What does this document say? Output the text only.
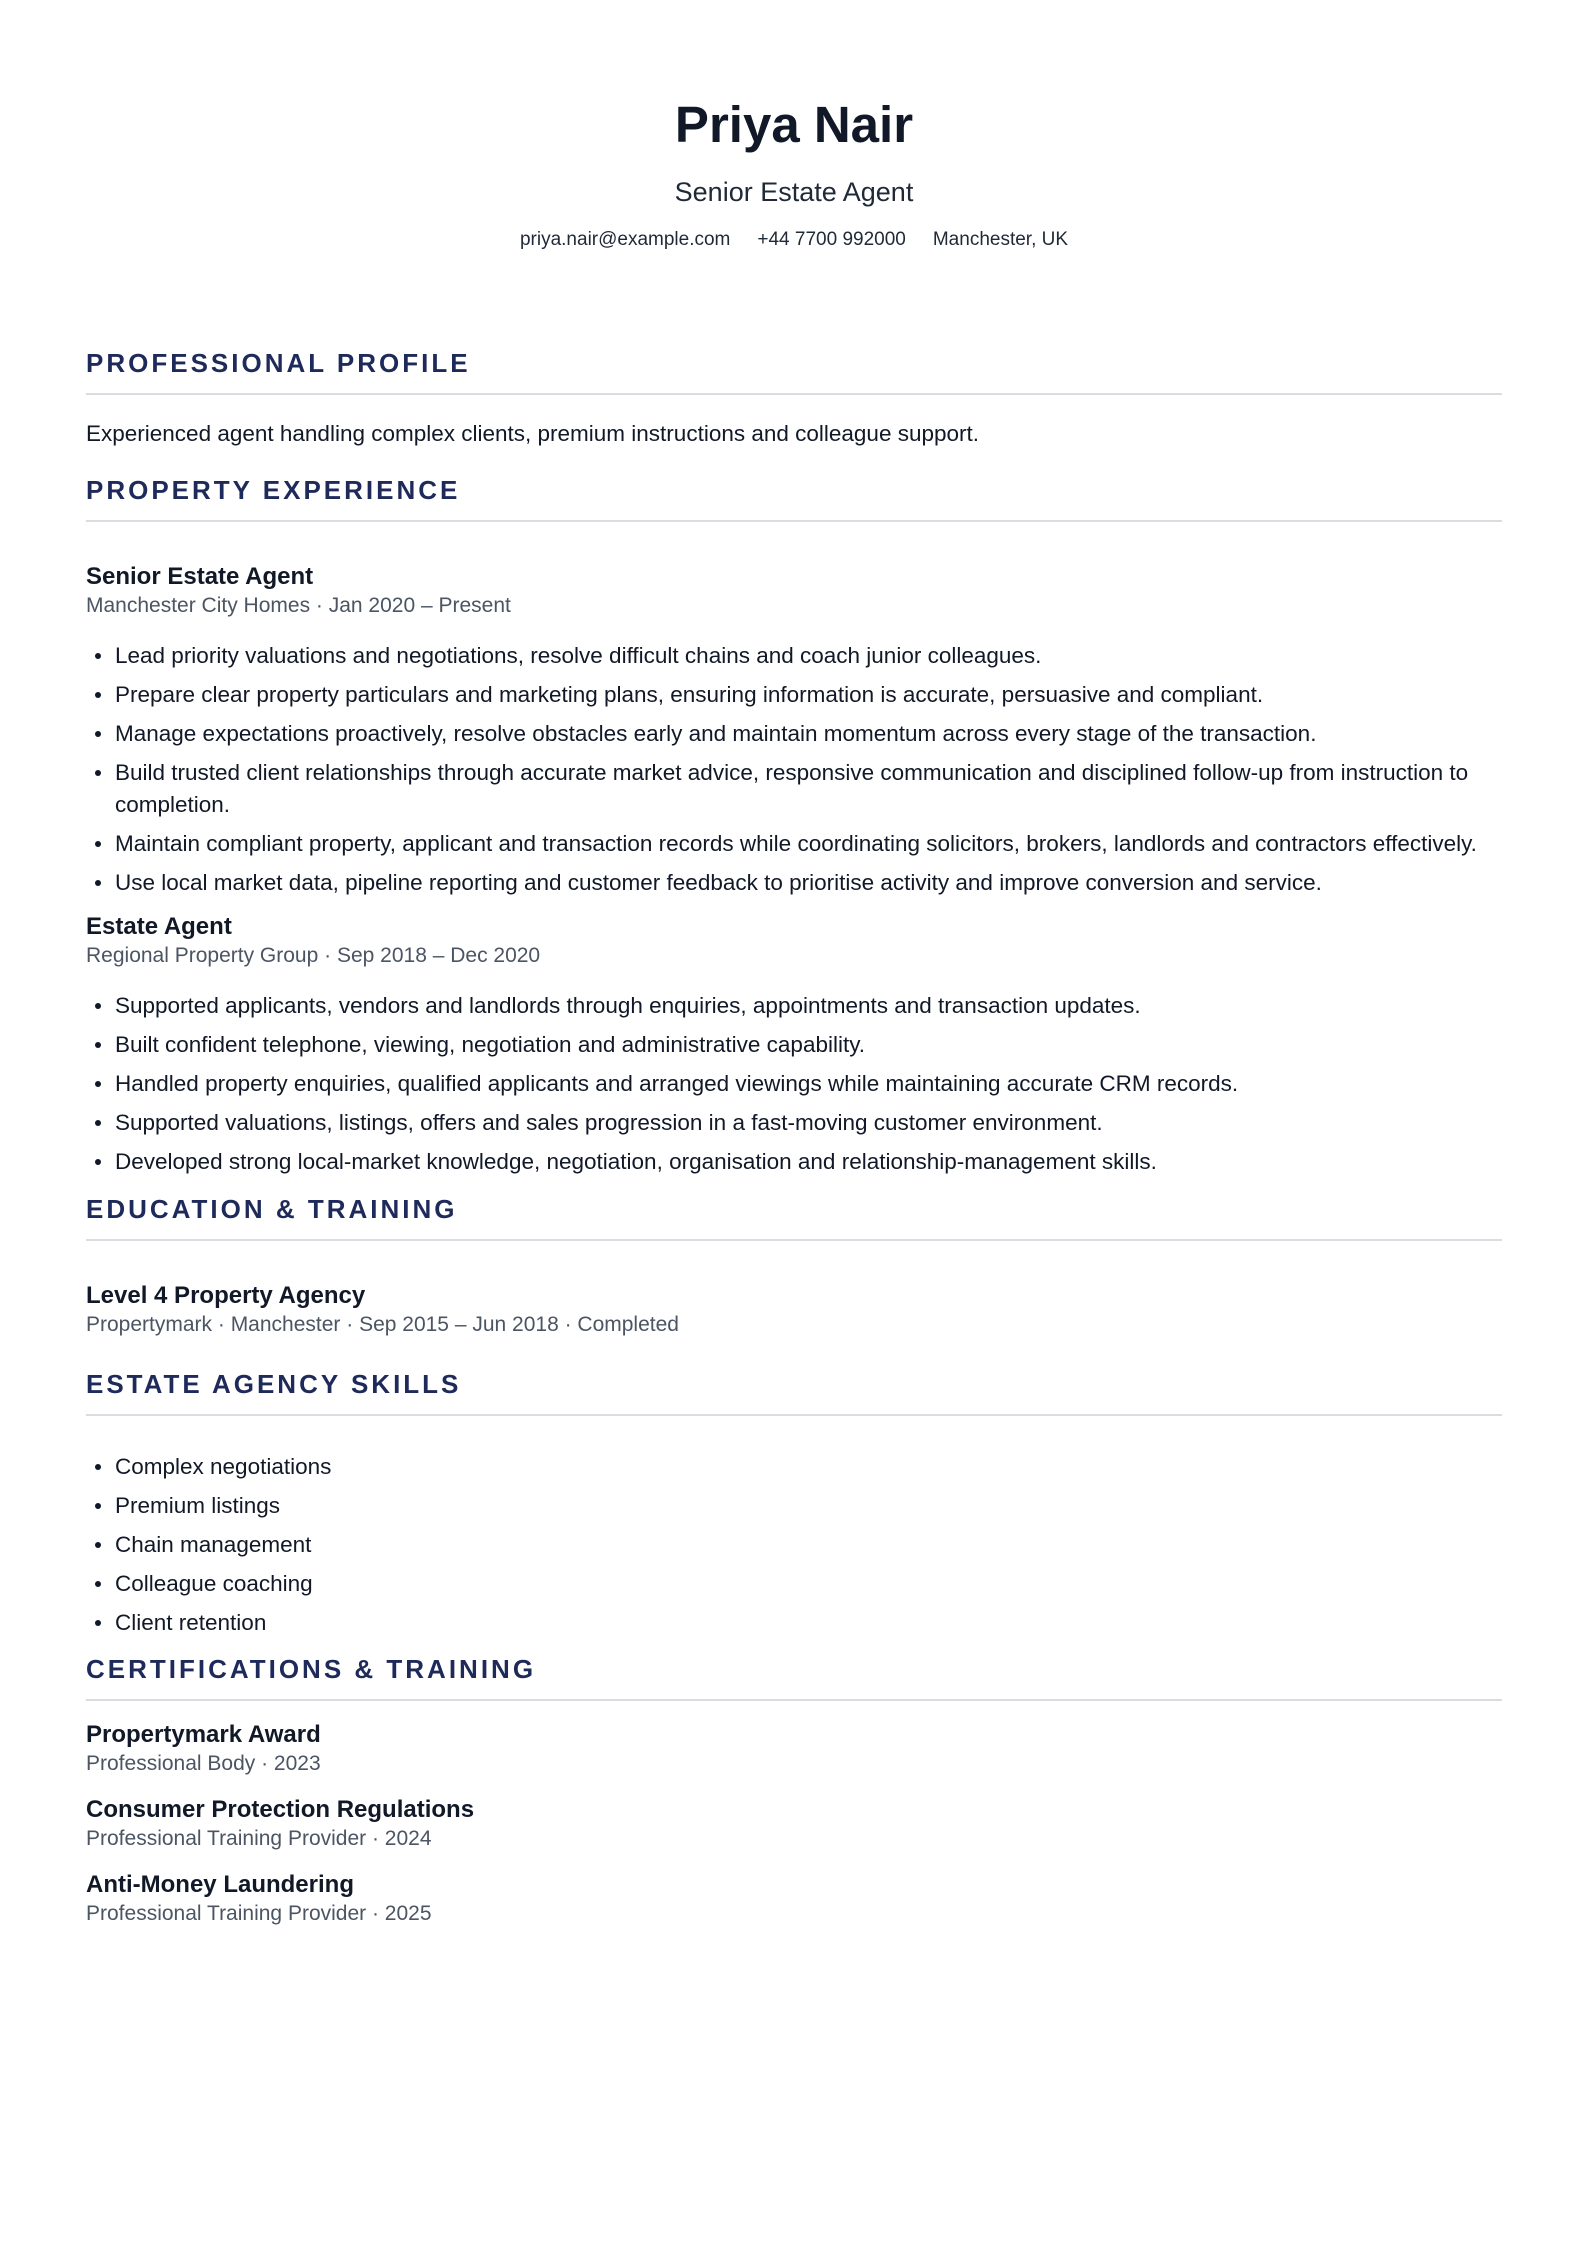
Priya Nair
Senior Estate Agent
priya.nair@example.com +44 7700 992000 Manchester, UK
PROFESSIONAL PROFILE
Experienced agent handling complex clients, premium instructions and colleague support.
PROPERTY EXPERIENCE
Senior Estate Agent
Manchester City Homes · Jan 2020 – Present
Lead priority valuations and negotiations, resolve difficult chains and coach junior colleagues.
Prepare clear property particulars and marketing plans, ensuring information is accurate, persuasive and compliant.
Manage expectations proactively, resolve obstacles early and maintain momentum across every stage of the transaction.
Build trusted client relationships through accurate market advice, responsive communication and disciplined follow-up from instruction to completion.
Maintain compliant property, applicant and transaction records while coordinating solicitors, brokers, landlords and contractors effectively.
Use local market data, pipeline reporting and customer feedback to prioritise activity and improve conversion and service.
Estate Agent
Regional Property Group · Sep 2018 – Dec 2020
Supported applicants, vendors and landlords through enquiries, appointments and transaction updates.
Built confident telephone, viewing, negotiation and administrative capability.
Handled property enquiries, qualified applicants and arranged viewings while maintaining accurate CRM records.
Supported valuations, listings, offers and sales progression in a fast-moving customer environment.
Developed strong local-market knowledge, negotiation, organisation and relationship-management skills.
EDUCATION & TRAINING
Level 4 Property Agency
Propertymark · Manchester · Sep 2015 – Jun 2018 · Completed
ESTATE AGENCY SKILLS
Complex negotiations
Premium listings
Chain management
Colleague coaching
Client retention
CERTIFICATIONS & TRAINING
Propertymark Award
Professional Body · 2023
Consumer Protection Regulations
Professional Training Provider · 2024
Anti-Money Laundering
Professional Training Provider · 2025
